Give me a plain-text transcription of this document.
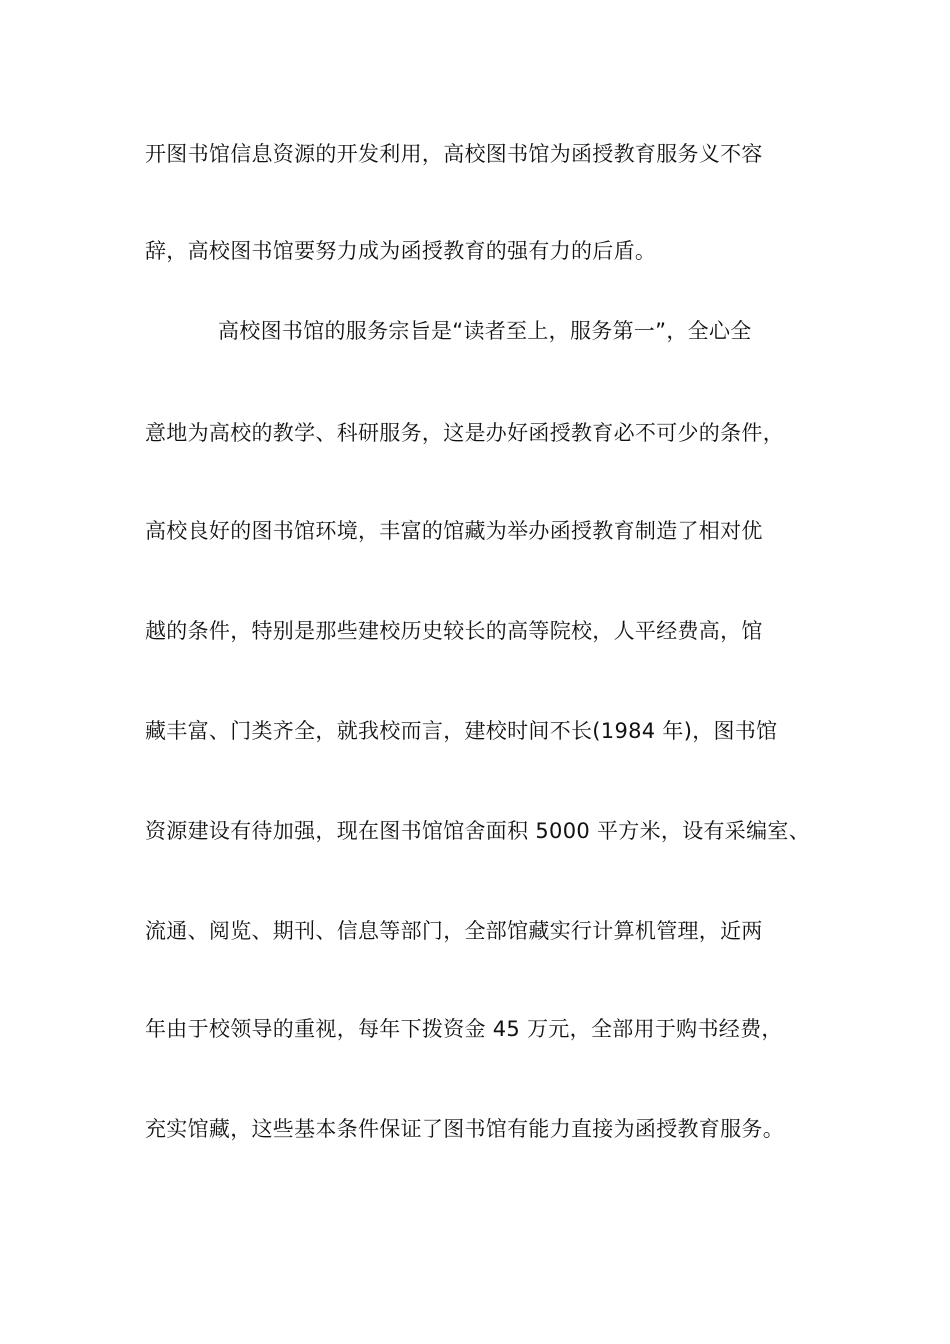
开图书馆信息资源的开发利用，高校图书馆为函授教育服务义不容
辞，高校图书馆要努力成为函授教育的强有力的后盾。
高校图书馆的服务宗旨是“读者至上，服务第一”，全心全
意地为高校的教学、科研服务，这是办好函授教育必不可少的条件，
高校良好的图书馆环境，丰富的馆藏为举办函授教育制造了相对优
越的条件，特别是那些建校历史较长的高等院校，人平经费高，馆
藏丰富、门类齐全，就我校而言，建校时间不长(1984 年)，图书馆
资源建设有待加强，现在图书馆馆舍面积 5000 平方米，设有采编室、
流通、阅览、期刊、信息等部门，全部馆藏实行计算机管理，近两
年由于校领导的重视，每年下拨资金 45 万元，全部用于购书经费，
充实馆藏，这些基本条件保证了图书馆有能力直接为函授教育服务。
